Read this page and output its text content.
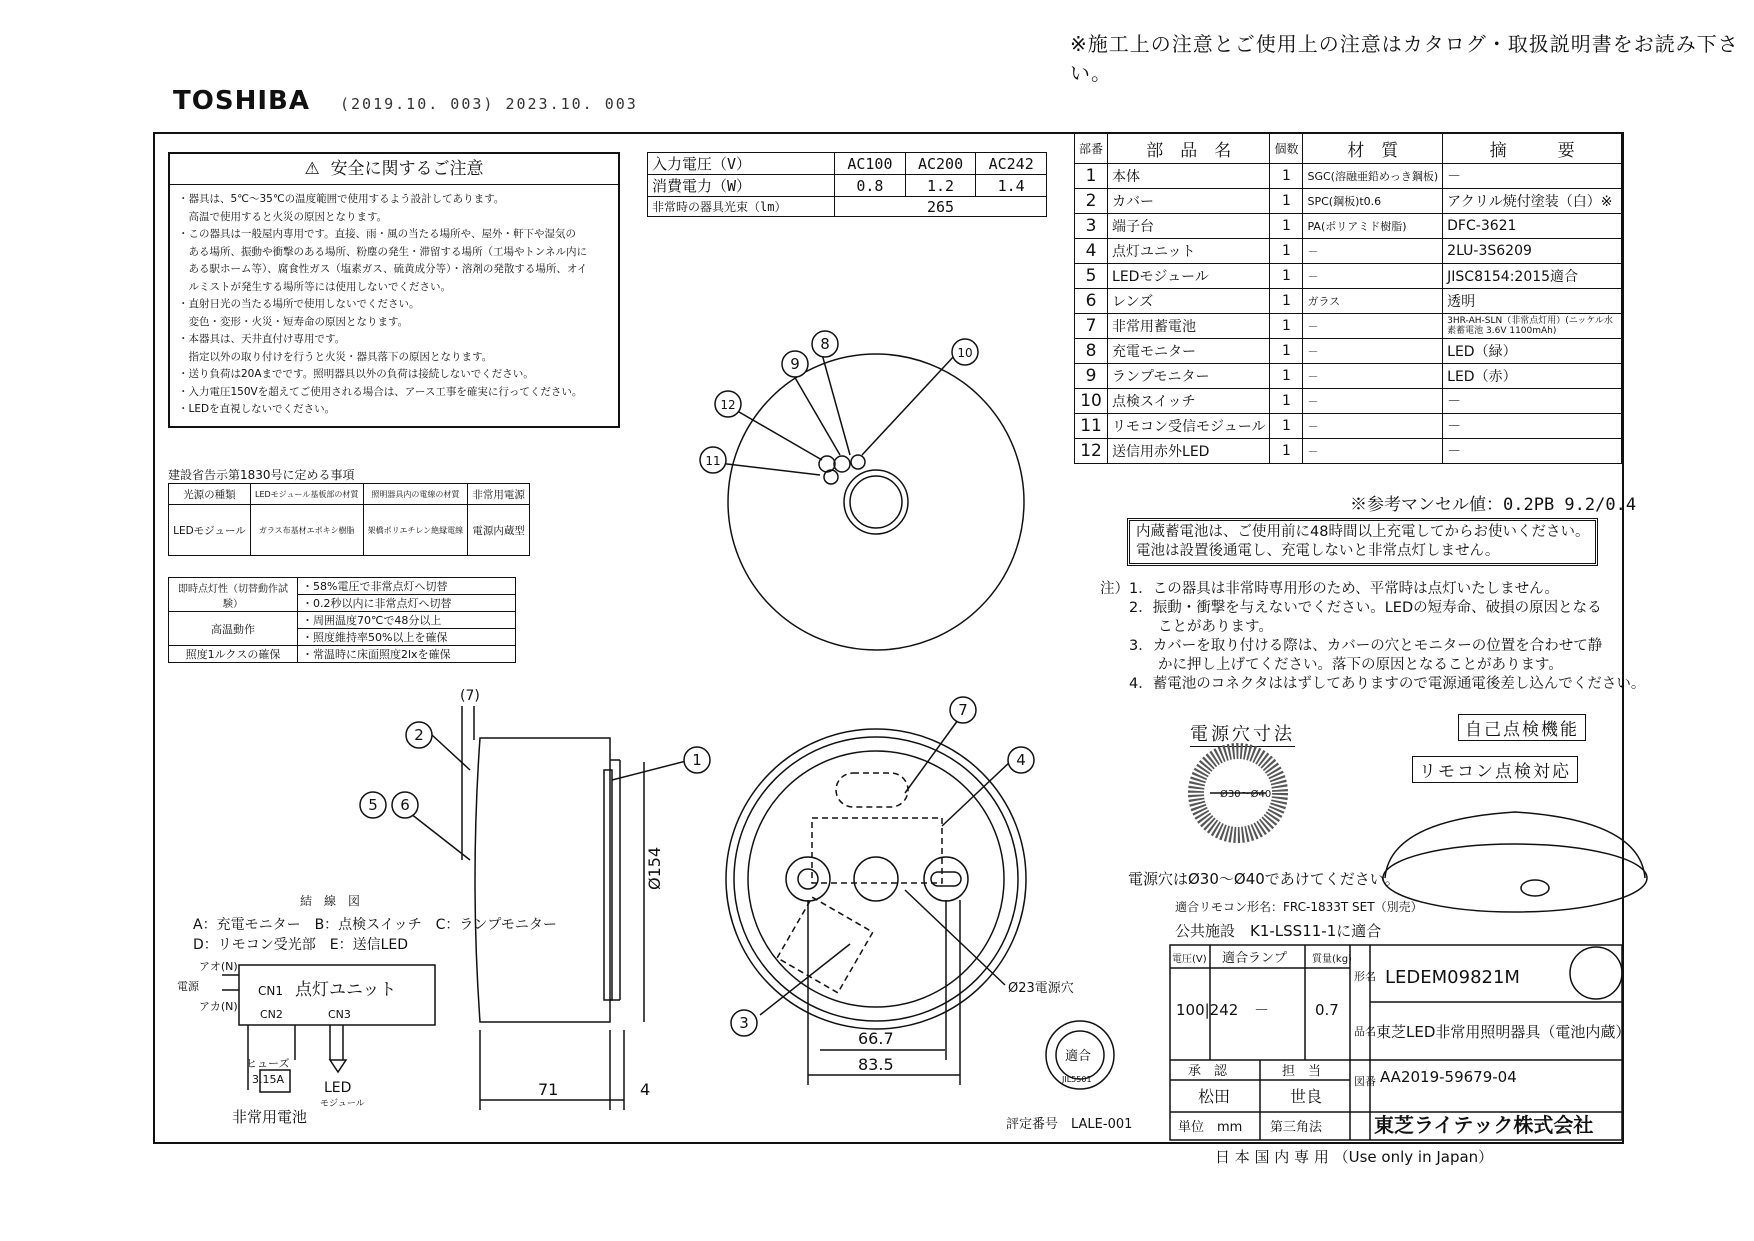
※施工上の注意とご使用上の注意はカタログ・取扱説明書をお読み下さい。
TOSHIBA (2019.10. 003) 2023.10. 003
⚠ 安全に関するご注意
・器具は、5℃～35℃の温度範囲で使用するよう設計してあります。
　高温で使用すると火災の原因となります。
・この器具は一般屋内専用です。直接、雨・風の当たる場所や、屋外・軒下や湿気の
　ある場所、振動や衝撃のある場所、粉塵の発生・滞留する場所（工場やトンネル内に
　ある駅ホーム等）、腐食性ガス（塩素ガス、硫黄成分等）・溶剤の発散する場所、オイ
　ルミストが発生する場所等には使用しないでください。
・直射日光の当たる場所で使用しないでください。
　変色・変形・火災・短寿命の原因となります。
・本器具は、天井直付け専用です。
　指定以外の取り付けを行うと火災・器具落下の原因となります。
・送り負荷は20Aまでです。照明器具以外の負荷は接続しないでください。
・入力電圧150Vを超えてご使用される場合は、アース工事を確実に行ってください。
・LEDを直視しないでください。
入力電圧（V）	AC100	AC200	AC242
消費電力（W）	0.8	1.2	1.4
非常時の器具光束（lm）	265		
部番	部　品　名	個数	材　質	摘　　　要
1	本体	1	SGC(溶融亜鉛めっき鋼板)	－
2	カバー	1	SPC(鋼板)t0.6	アクリル焼付塗装（白）※
3	端子台	1	PA(ポリアミド樹脂)	DFC-3621
4	点灯ユニット	1	－	2LU-3S6209
5	LEDモジュール	1	－	JISC8154:2015適合
6	レンズ	1	ガラス	透明
7	非常用蓄電池	1	－	3HR-AH-SLN（非常点灯用）(ニッケル水素蓄電池 3.6V 1100mAh)
8	充電モニター	1	－	LED（緑）
9	ランプモニター	1	－	LED（赤）
10	点検スイッチ	1	－	－
11	リモコン受信モジュール	1	－	－
12	送信用赤外LED	1	－	－
※参考マンセル値：0.2PB 9.2/0.4
内蔵蓄電池は、ご使用前に48時間以上充電してからお使いください。
電池は設置後通電し、充電しないと非常点灯しません。
注）1．この器具は非常時専用形のため、平常時は点灯いたしません。
　　2．振動・衝撃を与えないでください。LEDの短寿命、破損の原因となる
　　　　ことがあります。
　　3．カバーを取り付ける際は、カバーの穴とモニターの位置を合わせて静
　　　　かに押し上げてください。落下の原因となることがあります。
　　4．蓄電池のコネクタははずしてありますので電源通電後差し込んでください。
建設省告示第1830号に定める事項
光源の種類	LEDモジュール基板部の材質	照明器具内の電線の材質	非常用電源
LEDモジュール	ガラス布基材エポキシ樹脂	架橋ポリエチレン絶縁電線	電源内蔵型
即時点灯性（切替動作試験）	・58%電圧で非常点灯へ切替
	・0.2秒以内に非常点灯へ切替
高温動作	・周囲温度70℃で48分以上
	・照度維持率50%以上を確保
照度1ルクスの確保	・常温時に床面照度2lxを確保
自己点検機能
リモコン点検対応
電源穴寸法
電源穴はØ30～Ø40であけてください。
適合リモコン形名：FRC-1833T SET（別売）
公共施設　K1-LSS11-1に適合
結　線　図
A：充電モニター　B：点検スイッチ　C：ランプモニター
D：リモコン受光部　E：送信LED
1
2
3
4
5 6
7
8
9
10
11
12
Ø154
66.7
83.5
71	4
(7)
Ø23電源穴
Ø30～Ø40
適合
JIL5501
評定番号　LALE-001
アオ(N)
電源
アカ(N)
CN1 点灯ユニット
CN2	CN3
ヒューズ
3.15A
LED
モジュール
非常用電池
電圧(V) 適合ランプ 質量(kg)
100|242 －	0.7
形名 LEDEM09821M
品名 東芝LED非常用照明器具（電池内蔵）
承　認	担　当
松田	世良
図番 AA2019-59679-04
単位　mm 第三角法	東芝ライテック株式会社
日 本 国 内 専 用 （Use only in Japan）
